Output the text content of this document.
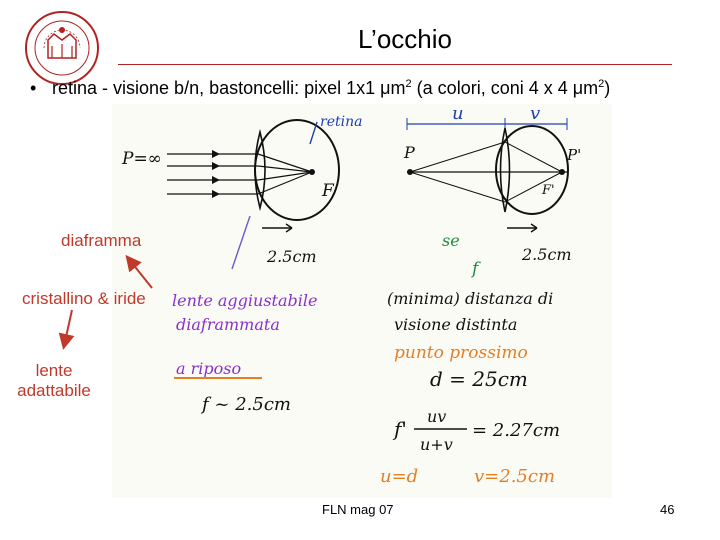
L’occhio
• retina - visione b/n, bastoncelli: pixel 1x1 $\mu m^2$ (a colori, coni 4 x 4 $\mu m^2$)
P=∞
F
retina
2.5cm
u	v
P	P'
F'
se
f
2.5cm
lente aggiustabile
diaframmata
a riposo
f ~ 2.5cm
(minima) distanza di
visione distinta
punto prossimo
d = 25cm
f'
uv
u+v
= 2.27cm
u=d	v=2.5cm
diaframma
cristallino & iride
lente adattabile
FLN mag 07	46
